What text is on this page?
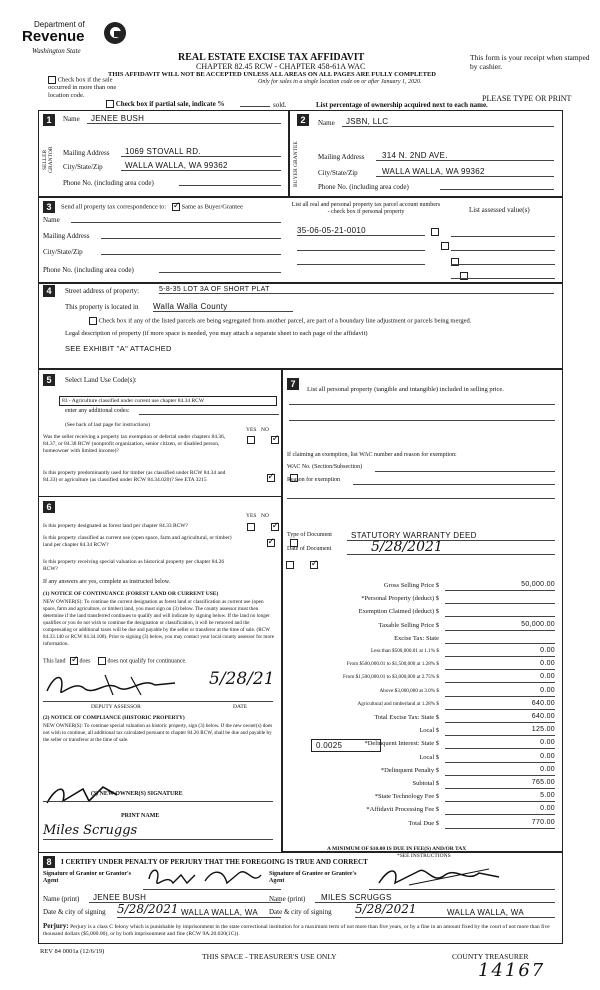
Department of
Revenue
Washington State
REAL ESTATE EXCISE TAX AFFIDAVIT
CHAPTER 82.45 RCW - CHAPTER 458-61A WAC
THIS AFFIDAVIT WILL NOT BE ACCEPTED UNLESS ALL AREAS ON ALL PAGES ARE FULLY COMPLETED
Only for sales in a single location code on or after January 1, 2020.
This form is your receipt when stamped by cashier.
PLEASE TYPE OR PRINT
Check box if the sale occurred in more than one location code.
Check box if partial sale, indicate %	sold.	List percentage of ownership acquired next to each name.
1
SELLER GRANTOR
Name	JENEE BUSH
Mailing Address	1069 STOVALL RD.
City/State/Zip	WALLA WALLA, WA 99362
Phone No. (including area code)
2
BUYER GRANTEE
Name	JSBN, LLC
Mailing Address	314 N. 2ND AVE.
City/State/Zip	WALLA WALLA, WA 99362
Phone No. (including area code)
3	Send all property tax correspondence to: ✓ Same as Buyer/Grantee
Name
Mailing Address
City/State/Zip
Phone No. (including area code)
List all real and personal property tax parcel account numbers - check box if personal property	List assessed value(s)
35-06-05-21-0010

4	Street address of property:	5-8-35 LOT 3A OF SHORT PLAT
This property is located in Walla Walla County
Check box if any of the listed parcels are being segregated from another parcel, are part of a boundary line adjustment or parcels being merged.
Legal description of property (if more space is needed, you may attach a separate sheet to each page of the affidavit)
SEE EXHIBIT "A" ATTACHED
5	Select Land Use Code(s):
83 - Agriculture classified under current use chapter 84.34 RCW
enter any additional codes:
(See back of last page for instructions)
YES NO
Was the seller receiving a property tax exemption or deferral under chapters 84.36, 84.37, or 84.38 RCW (nonprofit organization, senior citizen, or disabled person, homeowner with limited income)?
✓
Is this property predominantly used for timber (as classified under RCW 84.34 and 84.33) or agriculture (as classified under RCW 84.34.020)? See ETA 3215
✓
6
YES NO
Is this property designated as forest land per chapter 84.33 RCW?
✓
Is this property classified as current use (open space, farm and agricultural, or timber) land per chapter 84.34 RCW?
✓
Is this property receiving special valuation as historical property per chapter 84.26 RCW?
✓
If any answers are yes, complete as instructed below.
(1) NOTICE OF CONTINUANCE (FOREST LAND OR CURRENT USE)
NEW OWNER(S): To continue the current designation as forest land or classification as current use (open space, farm and agriculture, or timber) land, you must sign on (3) below. The county assessor must then determine if the land transferred continues to qualify and will indicate by signing below. If the land no longer qualifies or you do not wish to continue the designation or classification, it will be removed and the compensating or additional taxes will be due and payable by the seller or transferor at the time of sale. (RCW 84.33.140 or RCW 84.34.108). Prior to signing (3) below, you may contact your local county assessor for more information.
This land ✓ does	does not qualify for continuance.
5/28/21
DEPUTY ASSESSOR	DATE
(2) NOTICE OF COMPLIANCE (HISTORIC PROPERTY)
NEW OWNER(S): To continue special valuation as historic property, sign (3) below. If the new owner(s) does not wish to continue, all additional tax calculated pursuant to chapter 84.26 RCW, shall be due and payable by the seller or transferor at the time of sale.
(3) NEW OWNER(S) SIGNATURE
PRINT NAME
Miles Scruggs
7
List all personal property (tangible and intangible) included in selling price.
If claiming an exemption, list WAC number and reason for exemption:
WAC No. (Section/Subsection)
Reason for exemption
Type of Document	STATUTORY WARRANTY DEED
Date of Document	5/28/2021
Gross Selling Price $	50,000.00
*Personal Property (deduct) $
Exemption Claimed (deduct) $
Taxable Selling Price $	50,000.00
Excise Tax: State
Less than $500,000.01 at 1.1% $	0.00
From $500,000.01 to $1,500,000 at 1.28% $	0.00
From $1,500,000.01 to $3,000,000 at 2.75% $	0.00
Above $3,000,000 at 3.0% $	0.00
Agricultural and timberland at 1.28% $	640.00
Total Excise Tax: State $	640.00
Local $	125.00
*Delinquent Interest: State $	0.00
Local $	0.00
*Delinquent Penalty $	0.00
Subtotal $	765.00
*State Technology Fee $	5.00
*Affidavit Processing Fee $	0.00
Total Due $	770.00
0.0025
A MINIMUM OF $10.00 IS DUE IN FEE(S) AND/OR TAX
*SEE INSTRUCTIONS
8	I CERTIFY UNDER PENALTY OF PERJURY THAT THE FOREGOING IS TRUE AND CORRECT
Signature of Grantor or Grantor's Agent
Name (print)	JENEE BUSH
Date & city of signing 5/28/2021 WALLA WALLA, WA
Signature of Grantee or Grantee's Agent
Name (print)	MILES SCRUGGS
Date & city of signing 5/28/2021	WALLA WALLA, WA
Perjury: Perjury is a class C felony which is punishable by imprisonment in the state correctional institution for a maximum term of not more than five years, or by a fine in an amount fixed by the court of not more than five thousand dollars ($5,000.00), or by both imprisonment and fine (RCW 9A.20.020(1C)).
REV 84 0001a (12/6/19)
THIS SPACE - TREASURER'S USE ONLY	COUNTY TREASURER
14167
